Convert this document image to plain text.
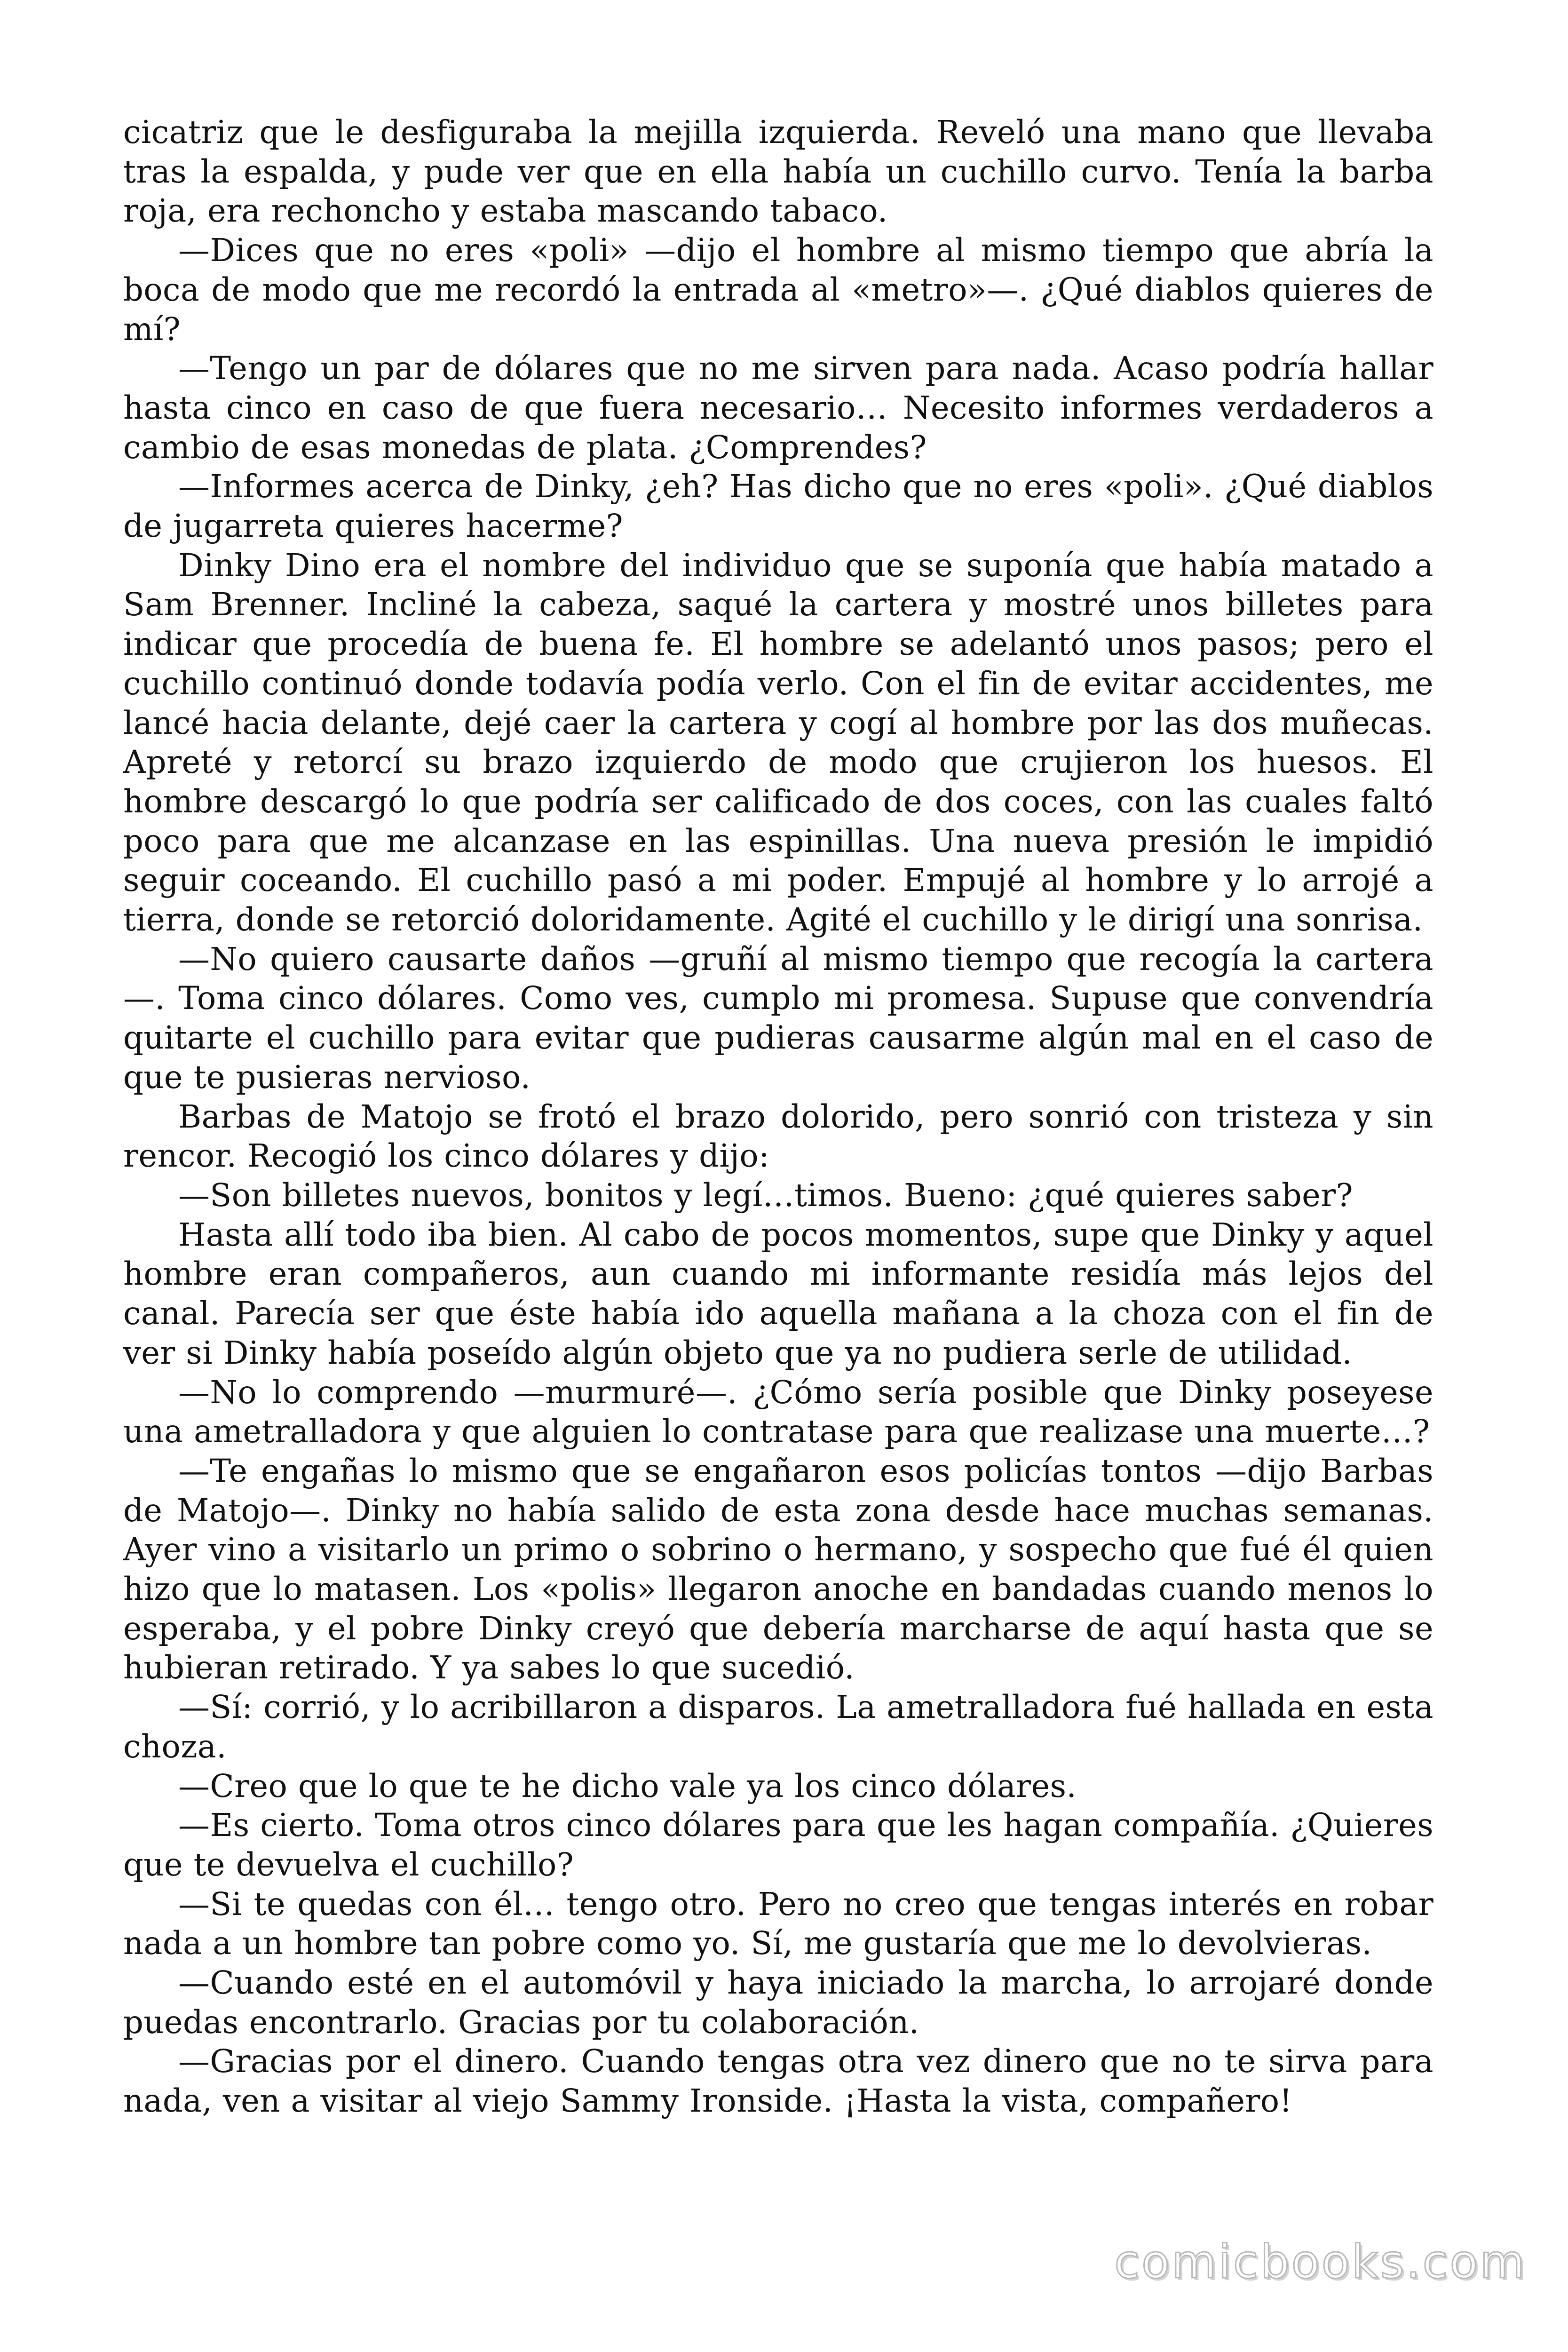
cicatriz que le desfiguraba la mejilla izquierda. Reveló una mano que llevaba tras la espalda, y pude ver que en ella había un cuchillo curvo. Tenía la barba roja, era rechoncho y estaba mascando tabaco.

—Dices que no eres «poli» —dijo el hombre al mismo tiempo que abría la boca de modo que me recordó la entrada al «metro»—. ¿Qué diablos quieres de mí?

—Tengo un par de dólares que no me sirven para nada. Acaso podría hallar hasta cinco en caso de que fuera necesario… Necesito informes verdaderos a cambio de esas monedas de plata. ¿Comprendes?

—Informes acerca de Dinky, ¿eh? Has dicho que no eres «poli». ¿Qué diablos de jugarreta quieres hacerme?

Dinky Dino era el nombre del individuo que se suponía que había matado a Sam Brenner. Incliné la cabeza, saqué la cartera y mostré unos billetes para indicar que procedía de buena fe. El hombre se adelantó unos pasos; pero el cuchillo continuó donde todavía podía verlo. Con el fin de evitar accidentes, me lancé hacia delante, dejé caer la cartera y cogí al hombre por las dos muñecas. Apreté y retorcí su brazo izquierdo de modo que crujieron los huesos. El hombre descargó lo que podría ser calificado de dos coces, con las cuales faltó poco para que me alcanzase en las espinillas. Una nueva presión le impidió seguir coceando. El cuchillo pasó a mi poder. Empujé al hombre y lo arrojé a tierra, donde se retorció doloridamente. Agité el cuchillo y le dirigí una sonrisa.

—No quiero causarte daños —gruñí al mismo tiempo que recogía la cartera —. Toma cinco dólares. Como ves, cumplo mi promesa. Supuse que convendría quitarte el cuchillo para evitar que pudieras causarme algún mal en el caso de que te pusieras nervioso.

Barbas de Matojo se frotó el brazo dolorido, pero sonrió con tristeza y sin rencor. Recogió los cinco dólares y dijo:

—Son billetes nuevos, bonitos y legí…timos. Bueno: ¿qué quieres saber?

Hasta allí todo iba bien. Al cabo de pocos momentos, supe que Dinky y aquel hombre eran compañeros, aun cuando mi informante residía más lejos del canal. Parecía ser que éste había ido aquella mañana a la choza con el fin de ver si Dinky había poseído algún objeto que ya no pudiera serle de utilidad.

—No lo comprendo —murmuré—. ¿Cómo sería posible que Dinky poseyese una ametralladora y que alguien lo contratase para que realizase una muerte…?

—Te engañas lo mismo que se engañaron esos policías tontos —dijo Barbas de Matojo—. Dinky no había salido de esta zona desde hace muchas semanas. Ayer vino a visitarlo un primo o sobrino o hermano, y sospecho que fué él quien hizo que lo matasen. Los «polis» llegaron anoche en bandadas cuando menos lo esperaba, y el pobre Dinky creyó que debería marcharse de aquí hasta que se hubieran retirado. Y ya sabes lo que sucedió.

—Sí: corrió, y lo acribillaron a disparos. La ametralladora fué hallada en esta choza.

—Creo que lo que te he dicho vale ya los cinco dólares.

—Es cierto. Toma otros cinco dólares para que les hagan compañía. ¿Quieres que te devuelva el cuchillo?

—Si te quedas con él… tengo otro. Pero no creo que tengas interés en robar nada a un hombre tan pobre como yo. Sí, me gustaría que me lo devolvieras.

—Cuando esté en el automóvil y haya iniciado la marcha, lo arrojaré donde puedas encontrarlo. Gracias por tu colaboración.

—Gracias por el dinero. Cuando tengas otra vez dinero que no te sirva para nada, ven a visitar al viejo Sammy Ironside. ¡Hasta la vista, compañero!

comicbooks.com
